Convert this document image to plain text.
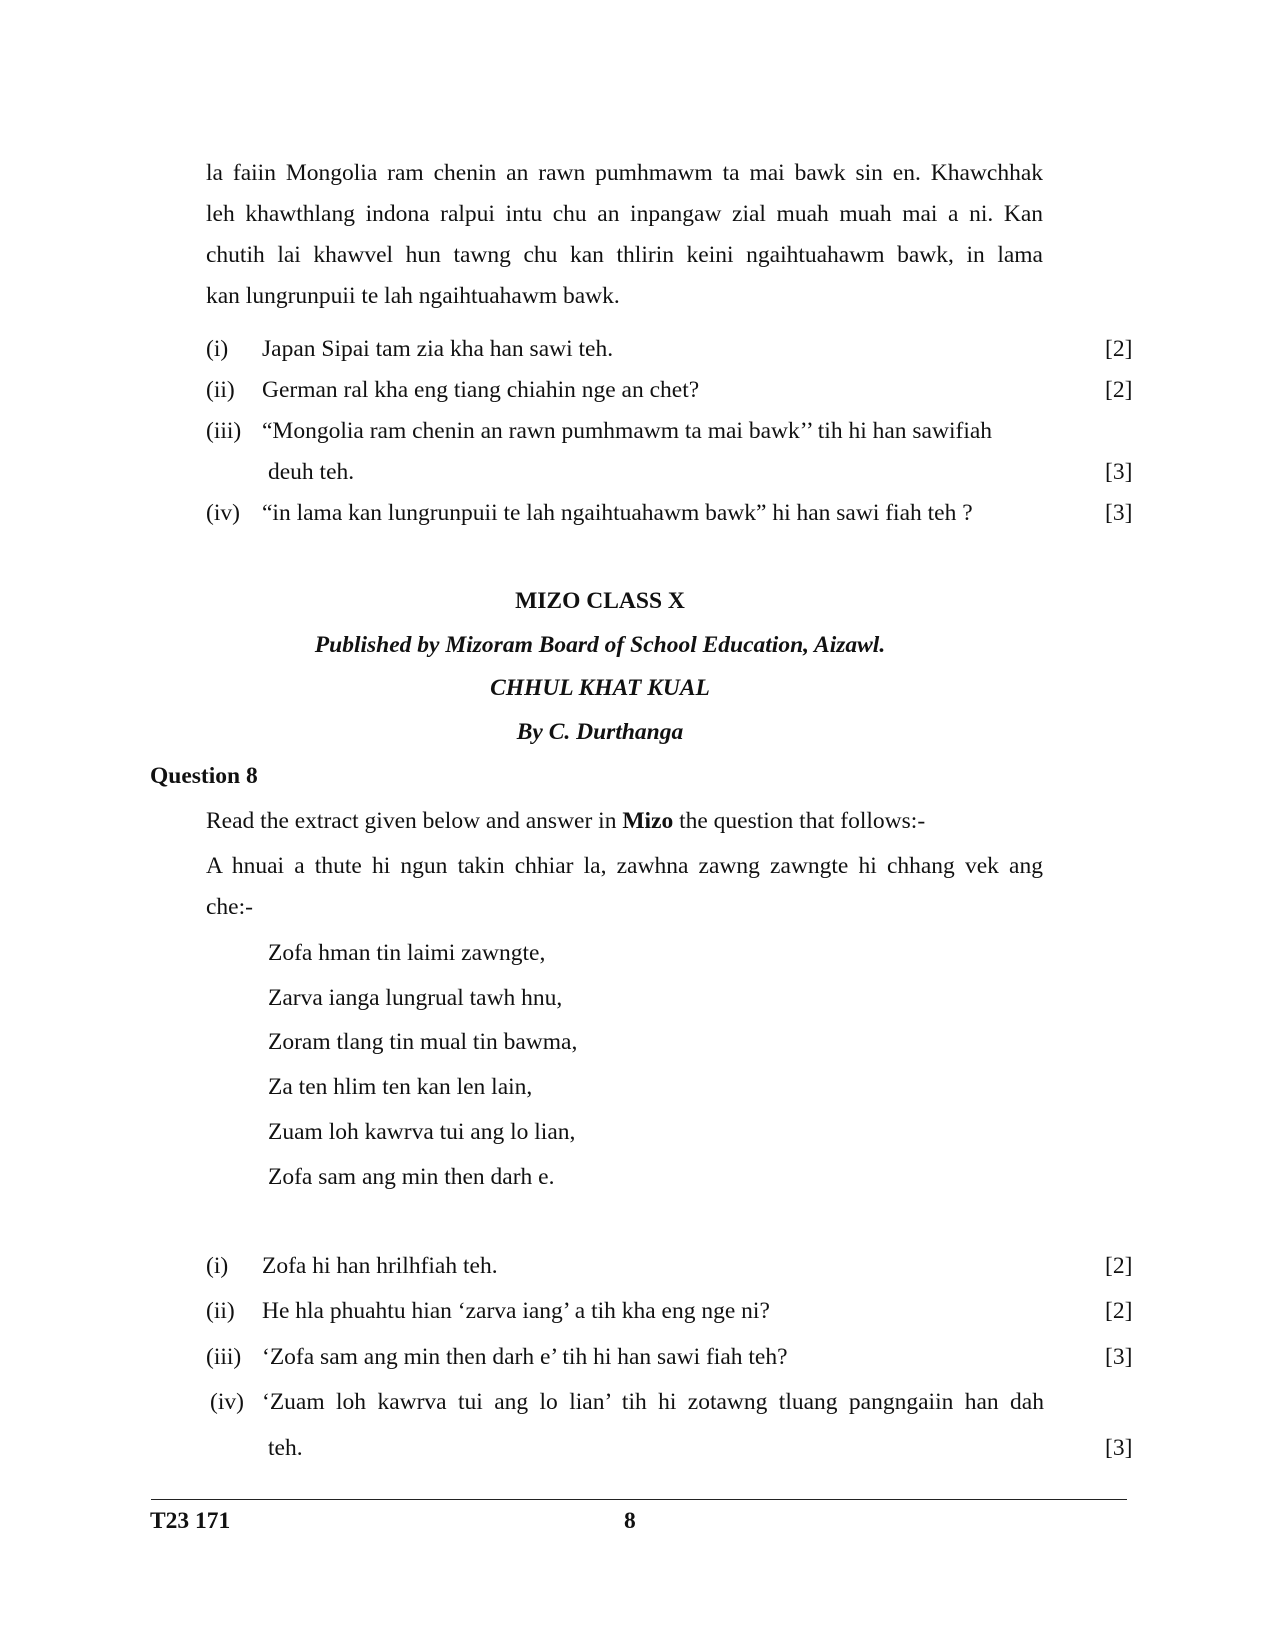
la faiin Mongolia ram chenin an rawn pumhmawm ta mai bawk sin en. Khawchhak
leh khawthlang indona ralpui intu chu an inpangaw zial muah muah mai a ni. Kan
chutih lai khawvel hun tawng chu kan thlirin keini ngaihtuahawm bawk, in lama
kan lungrunpuii te lah ngaihtuahawm bawk.
(i) Japan Sipai tam zia kha han sawi teh.	[2]
(ii) German ral kha eng tiang chiahin nge an chet?	[2]
(iii) “Mongolia ram chenin an rawn pumhmawm ta mai bawk’’ tih hi han sawifiah
deuh teh.	[3]
(iv) “in lama kan lungrunpuii te lah ngaihtuahawm bawk” hi han sawi fiah teh ?	[3]
MIZO CLASS X
Published by Mizoram Board of School Education, Aizawl.
CHHUL KHAT KUAL
By C. Durthanga
Question 8
Read the extract given below and answer in Mizo the question that follows:-
A hnuai a thute hi ngun takin chhiar la, zawhna zawng zawngte hi chhang vek ang
che:-
Zofa hman tin laimi zawngte,
Zarva ianga lungrual tawh hnu,
Zoram tlang tin mual tin bawma,
Za ten hlim ten kan len lain,
Zuam loh kawrva tui ang lo lian,
Zofa sam ang min then darh e.
(i) Zofa hi han hrilhfiah teh.	[2]
(ii) He hla phuahtu hian ‘zarva iang’ a tih kha eng nge ni?	[2]
(iii) ‘Zofa sam ang min then darh e’ tih hi han sawi fiah teh?	[3]
(iv) ‘Zuam loh kawrva tui ang lo lian’ tih hi zotawng tluang pangngaiin han dah
teh.	[3]
T23 171	8
